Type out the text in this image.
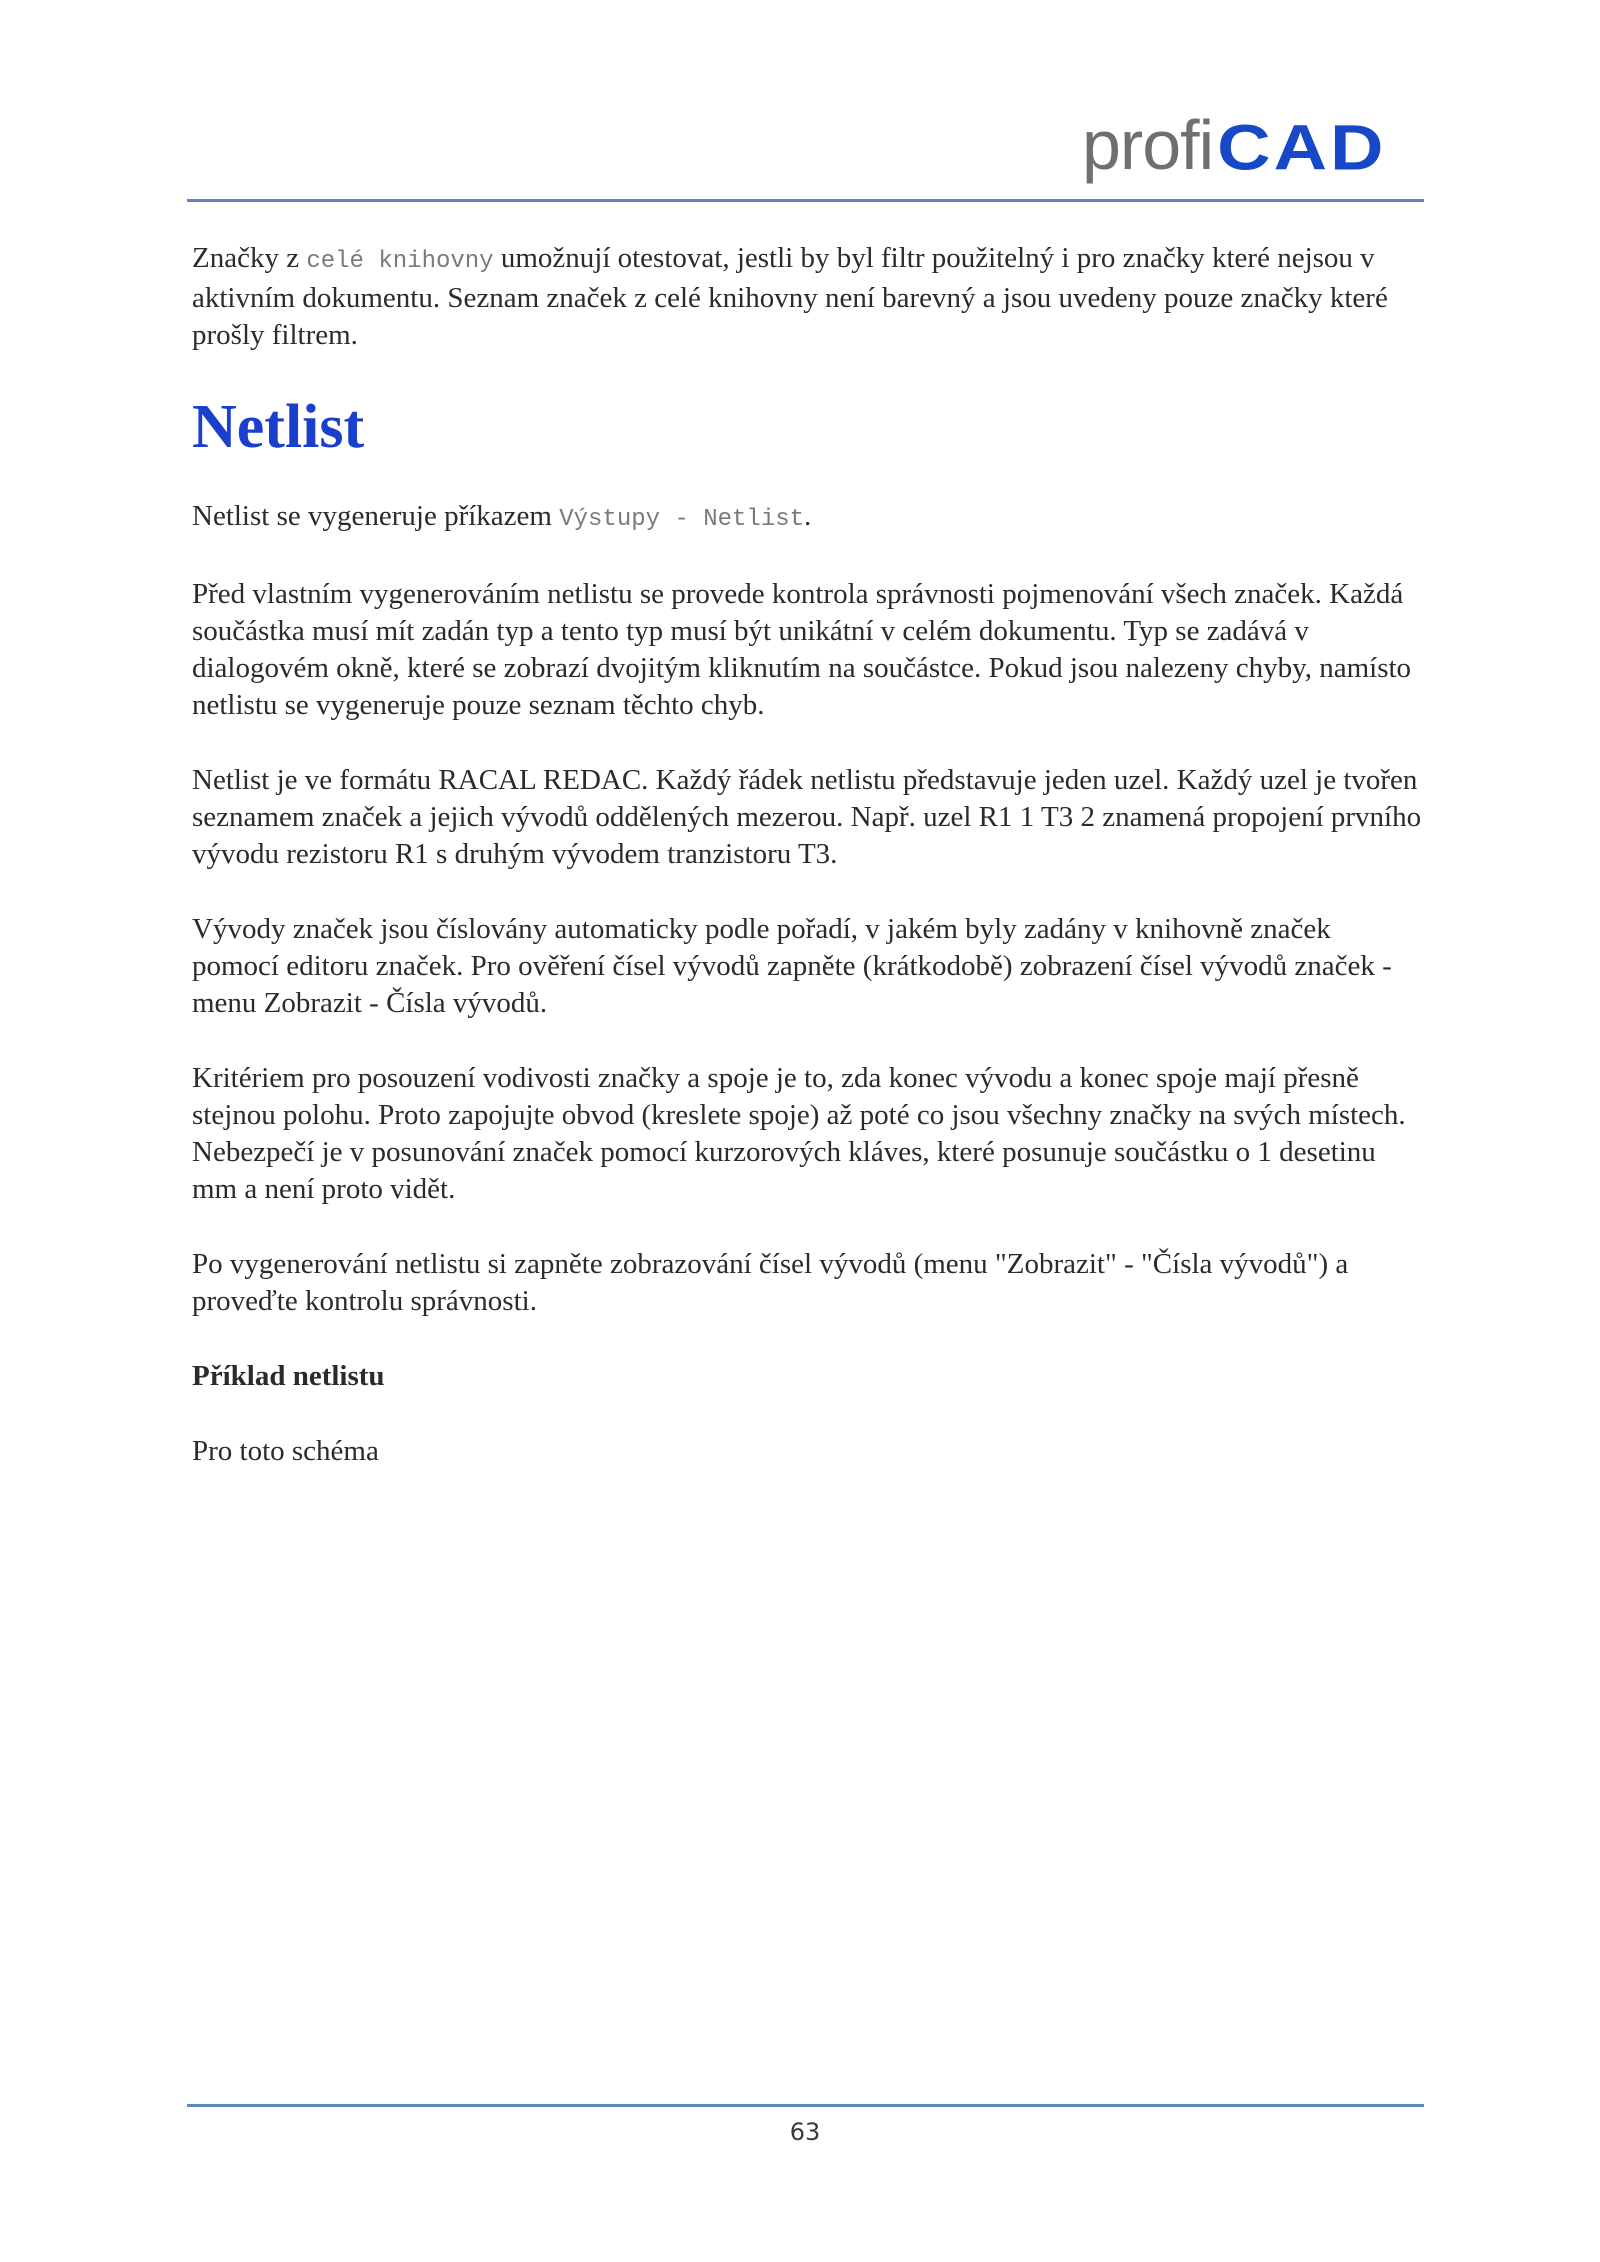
profi CAD

Značky z celé knihovny umožnují otestovat, jestli by byl filtr použitelný i pro značky které nejsou v aktivním dokumentu. Seznam značek z celé knihovny není barevný a jsou uvedeny pouze značky které prošly filtrem.

Netlist

Netlist se vygeneruje příkazem Výstupy - Netlist.

Před vlastním vygenerováním netlistu se provede kontrola správnosti pojmenování všech značek. Každá součástka musí mít zadán typ a tento typ musí být unikátní v celém dokumentu. Typ se zadává v dialogovém okně, které se zobrazí dvojitým kliknutím na součástce. Pokud jsou nalezeny chyby, namísto netlistu se vygeneruje pouze seznam těchto chyb.

Netlist je ve formátu RACAL REDAC. Každý řádek netlistu představuje jeden uzel. Každý uzel je tvořen seznamem značek a jejich vývodů oddělených mezerou. Např. uzel R1 1 T3 2 znamená propojení prvního vývodu rezistoru R1 s druhým vývodem tranzistoru T3.

Vývody značek jsou číslovány automaticky podle pořadí, v jakém byly zadány v knihovně značek pomocí editoru značek. Pro ověření čísel vývodů zapněte (krátkodobě) zobrazení čísel vývodů značek - menu Zobrazit - Čísla vývodů.

Kritériem pro posouzení vodivosti značky a spoje je to, zda konec vývodu a konec spoje mají přesně stejnou polohu. Proto zapojujte obvod (kreslete spoje) až poté co jsou všechny značky na svých místech. Nebezpečí je v posunování značek pomocí kurzorových kláves, které posunuje součástku o 1 desetinu mm a není proto vidět.

Po vygenerování netlistu si zapněte zobrazování čísel vývodů (menu "Zobrazit" - "Čísla vývodů") a proveďte kontrolu správnosti.

Příklad netlistu

Pro toto schéma

63
